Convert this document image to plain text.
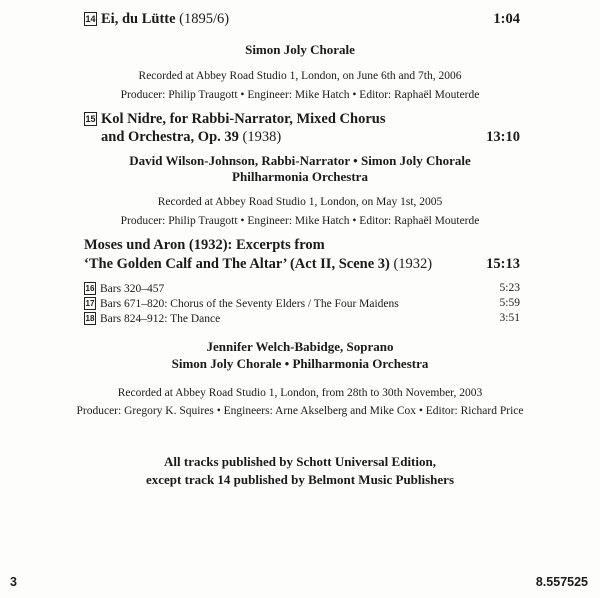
14 Ei, du Lütte (1895/6)	1:04
Simon Joly Chorale
Recorded at Abbey Road Studio 1, London, on June 6th and 7th, 2006
Producer: Philip Traugott • Engineer: Mike Hatch • Editor: Raphaël Mouterde
15 Kol Nidre, for Rabbi-Narrator, Mixed Chorus
and Orchestra, Op. 39 (1938)	13:10
David Wilson-Johnson, Rabbi-Narrator • Simon Joly Chorale
Philharmonia Orchestra
Recorded at Abbey Road Studio 1, London, on May 1st, 2005
Producer: Philip Traugott • Engineer: Mike Hatch • Editor: Raphaël Mouterde
Moses und Aron (1932): Excerpts from
‘The Golden Calf and The Altar’ (Act II, Scene 3) (1932)	15:13
16 Bars 320–457	5:23
17 Bars 671–820: Chorus of the Seventy Elders / The Four Maidens	5:59
18 Bars 824–912: The Dance	3:51
Jennifer Welch-Babidge, Soprano
Simon Joly Chorale • Philharmonia Orchestra
Recorded at Abbey Road Studio 1, London, from 28th to 30th November, 2003
Producer: Gregory K. Squires • Engineers: Arne Akselberg and Mike Cox • Editor: Richard Price
All tracks published by Schott Universal Edition,
except track 14 published by Belmont Music Publishers
3	8.557525
